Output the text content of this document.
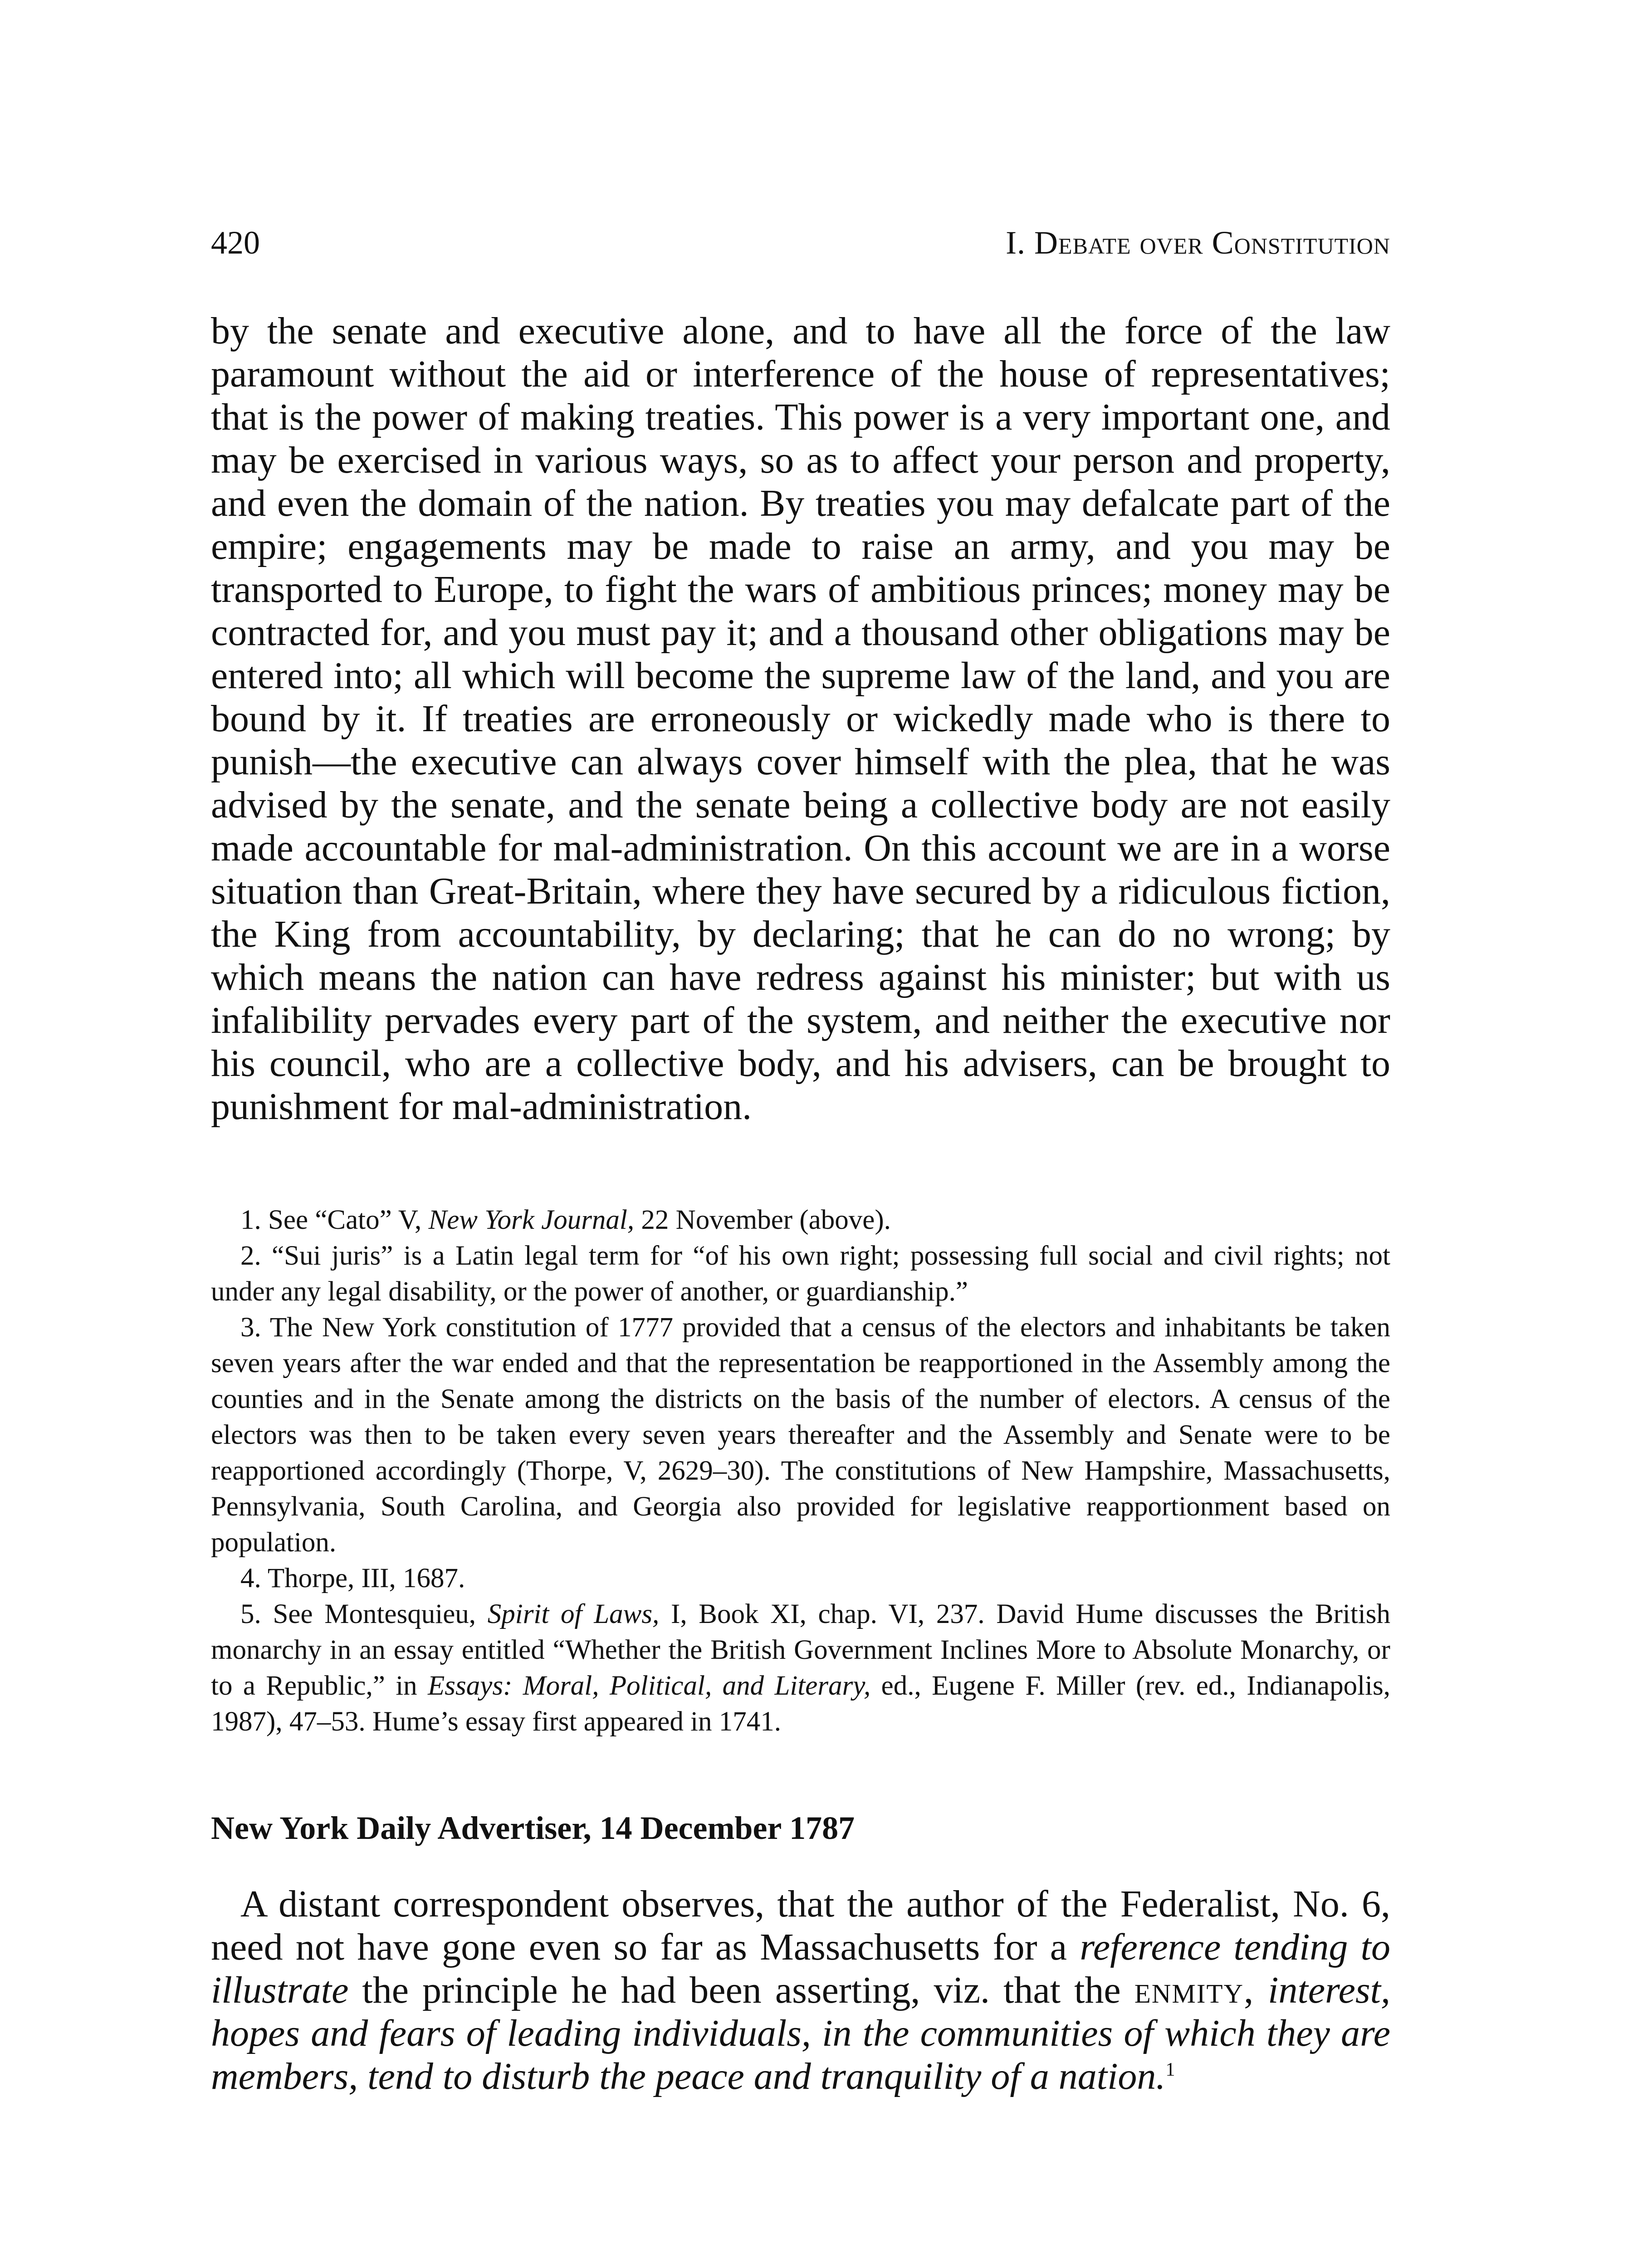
420	I. Debate over Constitution

by the senate and executive alone, and to have all the force of the law paramount without the aid or interference of the house of representatives; that is the power of making treaties. This power is a very important one, and may be exercised in various ways, so as to affect your person and property, and even the domain of the nation. By treaties you may defalcate part of the empire; engagements may be made to raise an army, and you may be transported to Europe, to fight the wars of ambitious princes; money may be contracted for, and you must pay it; and a thousand other obligations may be entered into; all which will become the supreme law of the land, and you are bound by it. If treaties are erroneously or wickedly made who is there to punish—the executive can always cover himself with the plea, that he was advised by the senate, and the senate being a collective body are not easily made accountable for mal-administration. On this account we are in a worse situation than Great-Britain, where they have secured by a ridiculous fiction, the King from accountability, by declaring; that he can do no wrong; by which means the nation can have redress against his minister; but with us infalibility pervades every part of the system, and neither the executive nor his council, who are a collective body, and his advisers, can be brought to punishment for mal-administration.

1. See “Cato” V, New York Journal, 22 November (above).

2. “Sui juris” is a Latin legal term for “of his own right; possessing full social and civil rights; not under any legal disability, or the power of another, or guardianship.”

3. The New York constitution of 1777 provided that a census of the electors and inhabitants be taken seven years after the war ended and that the representation be reapportioned in the Assembly among the counties and in the Senate among the districts on the basis of the number of electors. A census of the electors was then to be taken every seven years thereafter and the Assembly and Senate were to be reapportioned accordingly (Thorpe, V, 2629–30). The constitutions of New Hampshire, Massachusetts, Pennsylvania, South Carolina, and Georgia also provided for legislative reapportionment based on population.

4. Thorpe, III, 1687.

5. See Montesquieu, Spirit of Laws, I, Book XI, chap. VI, 237. David Hume discusses the British monarchy in an essay entitled “Whether the British Government Inclines More to Absolute Monarchy, or to a Republic,” in Essays: Moral, Political, and Literary, ed., Eugene F. Miller (rev. ed., Indianapolis, 1987), 47–53. Hume’s essay first appeared in 1741.

New York Daily Advertiser, 14 December 1787

A distant correspondent observes, that the author of the Federalist, No. 6, need not have gone even so far as Massachusetts for a reference tending to illustrate the principle he had been asserting, viz. that the enmity, interest, hopes and fears of leading individuals, in the communities of which they are members, tend to disturb the peace and tranquility of a nation.$^1$
